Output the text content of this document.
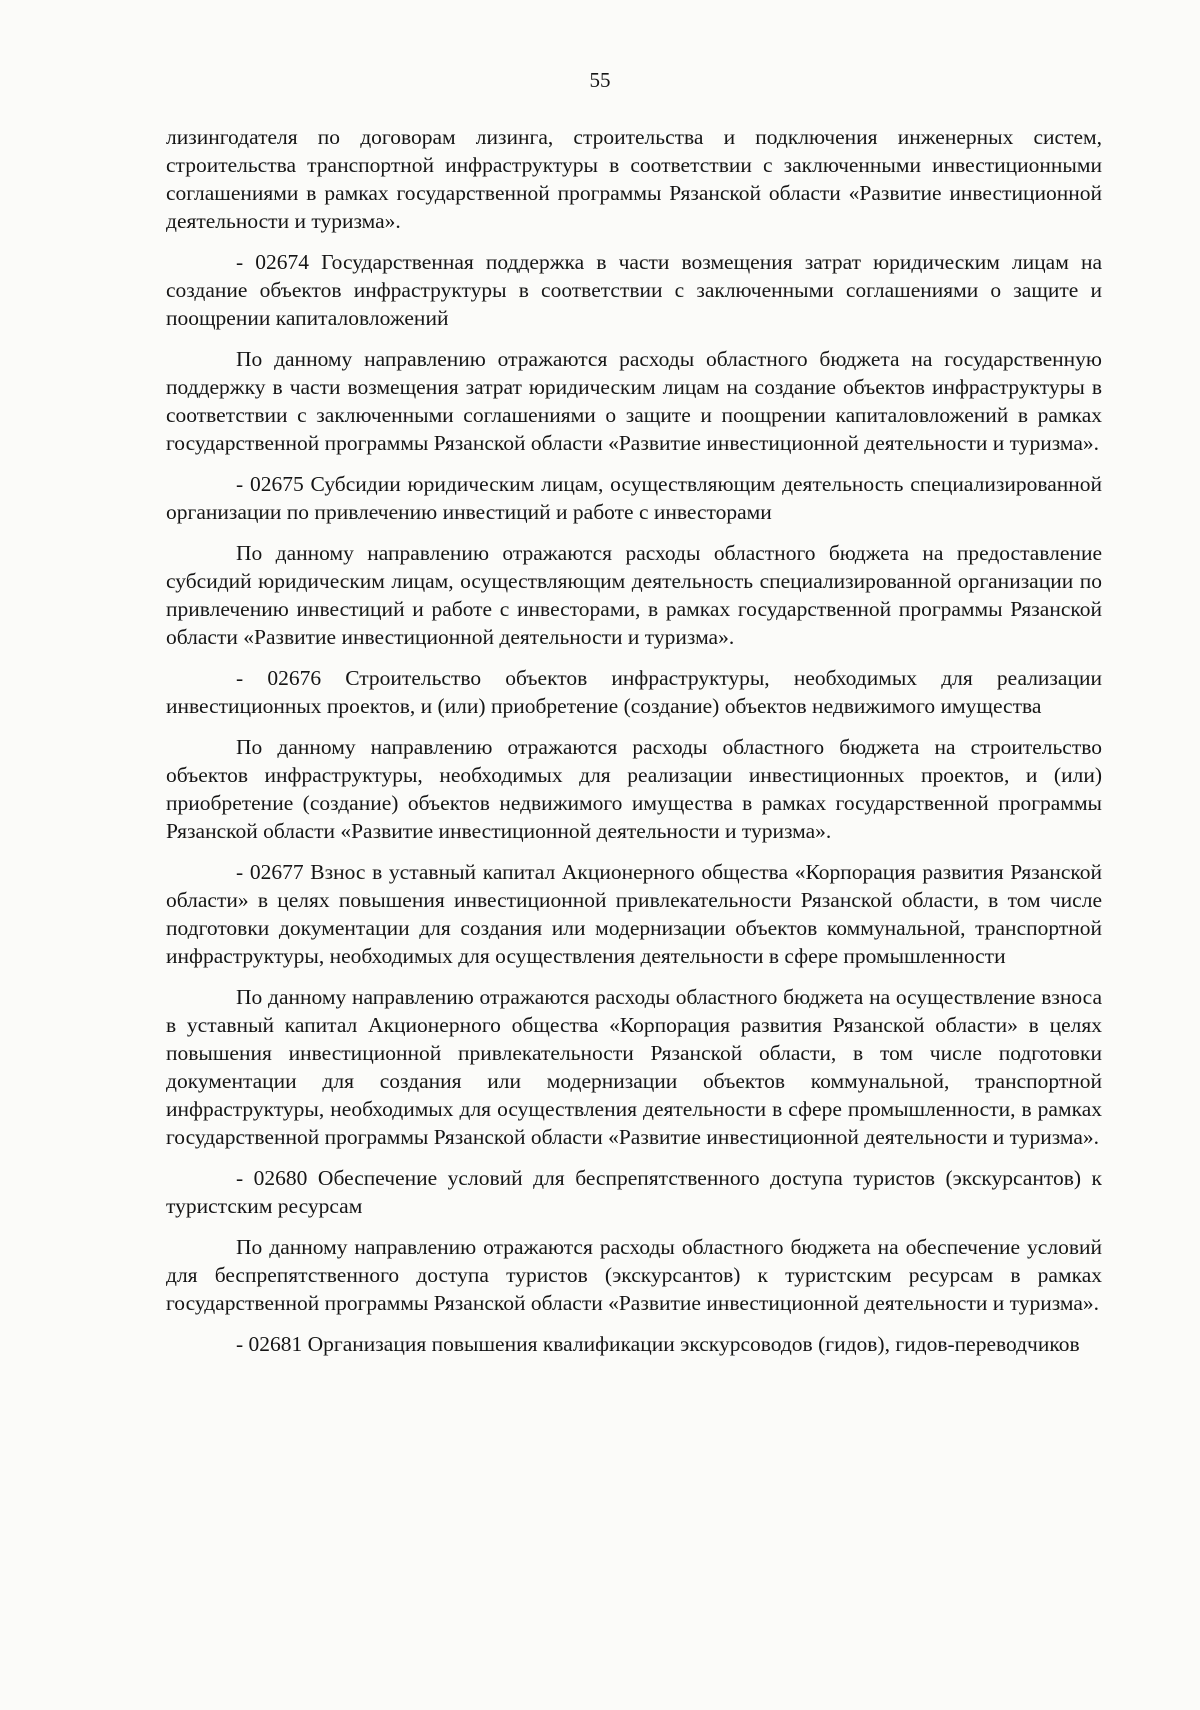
55

лизингодателя по договорам лизинга, строительства и подключения инженерных систем, строительства транспортной инфраструктуры в соответствии с заключенными инвестиционными соглашениями в рамках государственной программы Рязанской области «Развитие инвестиционной деятельности и туризма».

- 02674 Государственная поддержка в части возмещения затрат юридическим лицам на создание объектов инфраструктуры в соответствии с заключенными соглашениями о защите и поощрении капиталовложений

По данному направлению отражаются расходы областного бюджета на государственную поддержку в части возмещения затрат юридическим лицам на создание объектов инфраструктуры в соответствии с заключенными соглашениями о защите и поощрении капиталовложений в рамках государственной программы Рязанской области «Развитие инвестиционной деятельности и туризма».

- 02675 Субсидии юридическим лицам, осуществляющим деятельность специализированной организации по привлечению инвестиций и работе с инвесторами

По данному направлению отражаются расходы областного бюджета на предоставление субсидий юридическим лицам, осуществляющим деятельность специализированной организации по привлечению инвестиций и работе с инвесторами, в рамках государственной программы Рязанской области «Развитие инвестиционной деятельности и туризма».

- 02676 Строительство объектов инфраструктуры, необходимых для реализации инвестиционных проектов, и (или) приобретение (создание) объектов недвижимого имущества

По данному направлению отражаются расходы областного бюджета на строительство объектов инфраструктуры, необходимых для реализации инвестиционных проектов, и (или) приобретение (создание) объектов недвижимого имущества в рамках государственной программы Рязанской области «Развитие инвестиционной деятельности и туризма».

- 02677 Взнос в уставный капитал Акционерного общества «Корпорация развития Рязанской области» в целях повышения инвестиционной привлекательности Рязанской области, в том числе подготовки документации для создания или модернизации объектов коммунальной, транспортной инфраструктуры, необходимых для осуществления деятельности в сфере промышленности

По данному направлению отражаются расходы областного бюджета на осуществление взноса в уставный капитал Акционерного общества «Корпорация развития Рязанской области» в целях повышения инвестиционной привлекательности Рязанской области, в том числе подготовки документации для создания или модернизации объектов коммунальной, транспортной инфраструктуры, необходимых для осуществления деятельности в сфере промышленности, в рамках государственной программы Рязанской области «Развитие инвестиционной деятельности и туризма».

- 02680 Обеспечение условий для беспрепятственного доступа туристов (экскурсантов) к туристским ресурсам

По данному направлению отражаются расходы областного бюджета на обеспечение условий для беспрепятственного доступа туристов (экскурсантов) к туристским ресурсам в рамках государственной программы Рязанской области «Развитие инвестиционной деятельности и туризма».

- 02681 Организация повышения квалификации экскурсоводов (гидов), гидов-переводчиков
